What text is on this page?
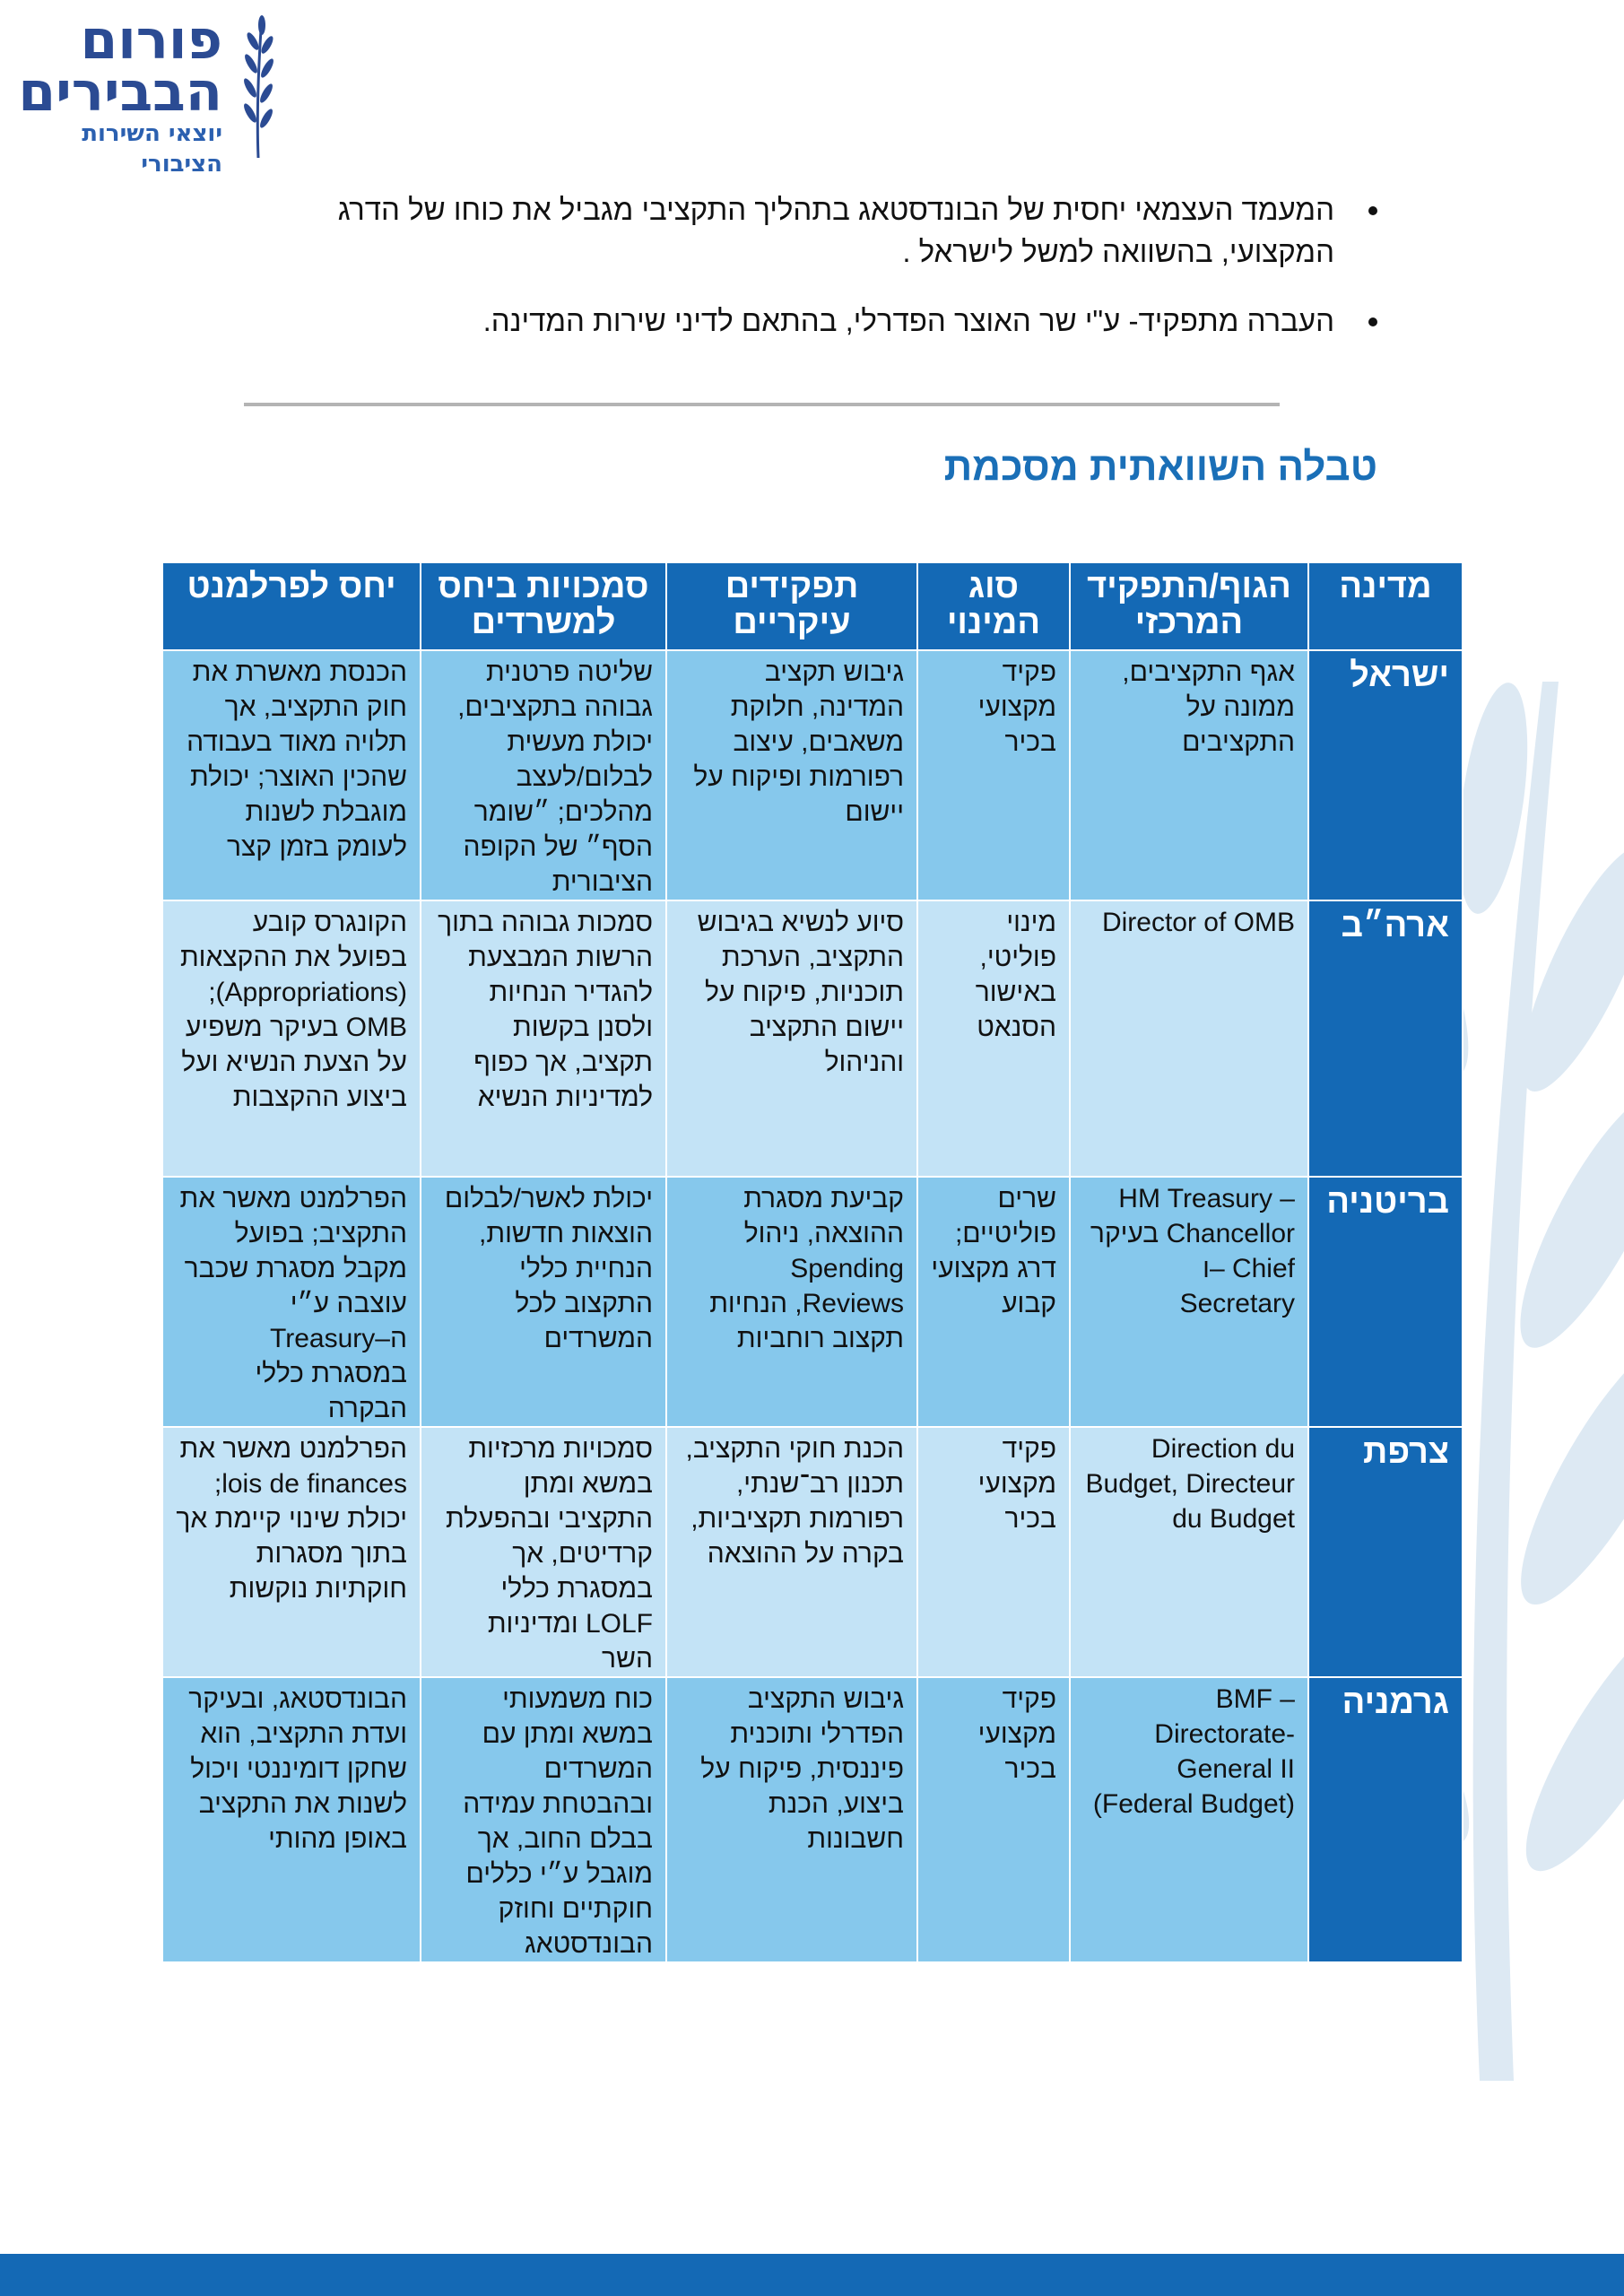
פורום
הבבירים
יוצאי השירות הציבורי
המעמד העצמאי יחסית של הבונדסטאג בתהליך התקציבי מגביל את כוחו של הדרג המקצועי, בהשוואה למשל לישראל .
העברה מתפקיד- ע"י שר האוצר הפדרלי, בהתאם לדיני שירות המדינה.
טבלה השוואתית מסכמת
מדינה	הגוף/התפקיד המרכזי	סוג המינוי	תפקידים עיקריים	סמכויות ביחס למשרדים	יחס לפרלמנט
ישראל	אגף התקציבים, ממונה על התקציבים	פקיד מקצועי בכיר	גיבוש תקציב המדינה, חלוקת משאבים, עיצוב רפורמות ופיקוח על יישום	שליטה פרטנית גבוהה בתקציבים, יכולת מעשית לבלום/לעצב מהלכים; ״שומר הסף״ של הקופה הציבורית	הכנסת מאשרת את חוק התקציב, אך תלויה מאוד בעבודה שהכין האוצר; יכולת מוגבלת לשנות לעומק בזמן קצר
ארה״ב	Director of OMB	מינוי פוליטי, באישור הסנאט	סיוע לנשיא בגיבוש התקציב, הערכת תוכניות, פיקוח על יישום התקציב והניהול	סמכות גבוהה בתוך הרשות המבצעת להגדיר הנחיות ולסנן בקשות תקציב, אך כפוף למדיניות הנשיא	הקונגרס קובע בפועל את ההקצאות (Appropriations); OMB בעיקר משפיע על הצעת הנשיא ועל ביצוע ההקצבות
בריטניה	HM Treasury – בעיקר Chancellor ו– Chief Secretary	שרים פוליטיים; דרג מקצועי קבוע	קביעת מסגרת ההוצאה, ניהול Spending Reviews, הנחיות תקצוב רוחביות	יכולת לאשר/לבלום הוצאות חדשות, הנחיית כללי התקצוב לכל המשרדים	הפרלמנט מאשר את התקציב; בפועל מקבל מסגרת שכבר עוצבה ע״י ה–Treasury במסגרת כללי הבקרה
צרפת	Direction du Budget, Directeur du Budget	פקיד מקצועי בכיר	הכנת חוקי התקציב, תכנון רב־שנתי, רפורמות תקציביות, בקרה על ההוצאה	סמכויות מרכזיות במשא ומתן התקציבי ובהפעלת קרדיטים, אך במסגרת כללי LOLF ומדיניות השר	הפרלמנט מאשר את lois de finances; יכולת שינוי קיימת אך בתוך מסגרות חוקתיות נוקשות
גרמניה	BMF – Directorate-General II (Federal Budget)	פקיד מקצועי בכיר	גיבוש התקציב הפדרלי ותוכנית פיננסית, פיקוח על ביצוע, הכנת חשבונות	כוח משמעותי במשא ומתן עם המשרדים ובהבטחת עמידה בבלם החוב, אך מוגבל ע״י כללים חוקתיים וחוזק הבונדסטאג	הבונדסטאג, ובעיקר ועדת התקציב, הוא שחקן דומיננטי ויכול לשנות את התקציב באופן מהותי
